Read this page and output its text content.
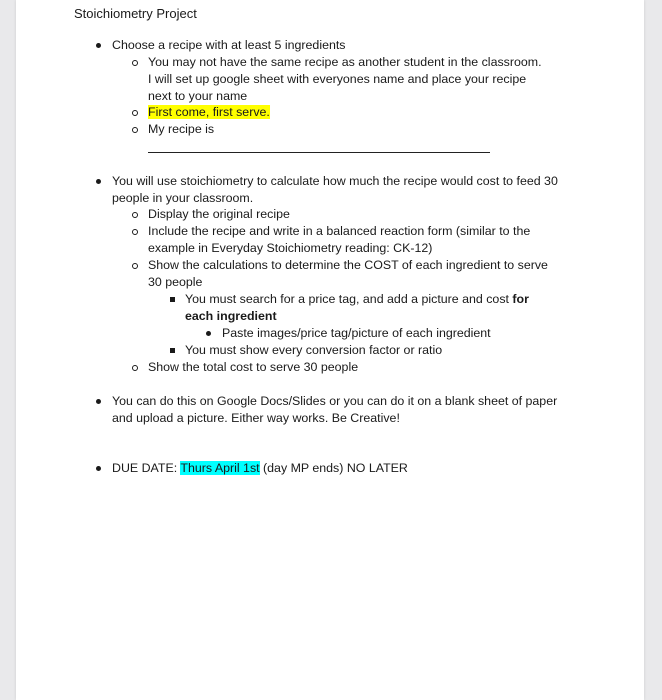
Stoichiometry Project
Choose a recipe with at least 5 ingredients
You may not have the same recipe as another student in the classroom. I will set up google sheet with everyones name and place your recipe next to your name
First come, first serve.
My recipe is
You will use stoichiometry to calculate how much the recipe would cost to feed 30 people in your classroom.
Display the original recipe
Include the recipe and write in a balanced reaction form (similar to the example in Everyday Stoichiometry reading: CK-12)
Show the calculations to determine the COST of each ingredient to serve 30 people
You must search for a price tag, and add a picture and cost for each ingredient
Paste images/price tag/picture of each ingredient
You must show every conversion factor or ratio
Show the total cost to serve 30 people
You can do this on Google Docs/Slides or you can do it on a blank sheet of paper and upload a picture. Either way works. Be Creative!
DUE DATE: Thurs April 1st (day MP ends) NO LATER
